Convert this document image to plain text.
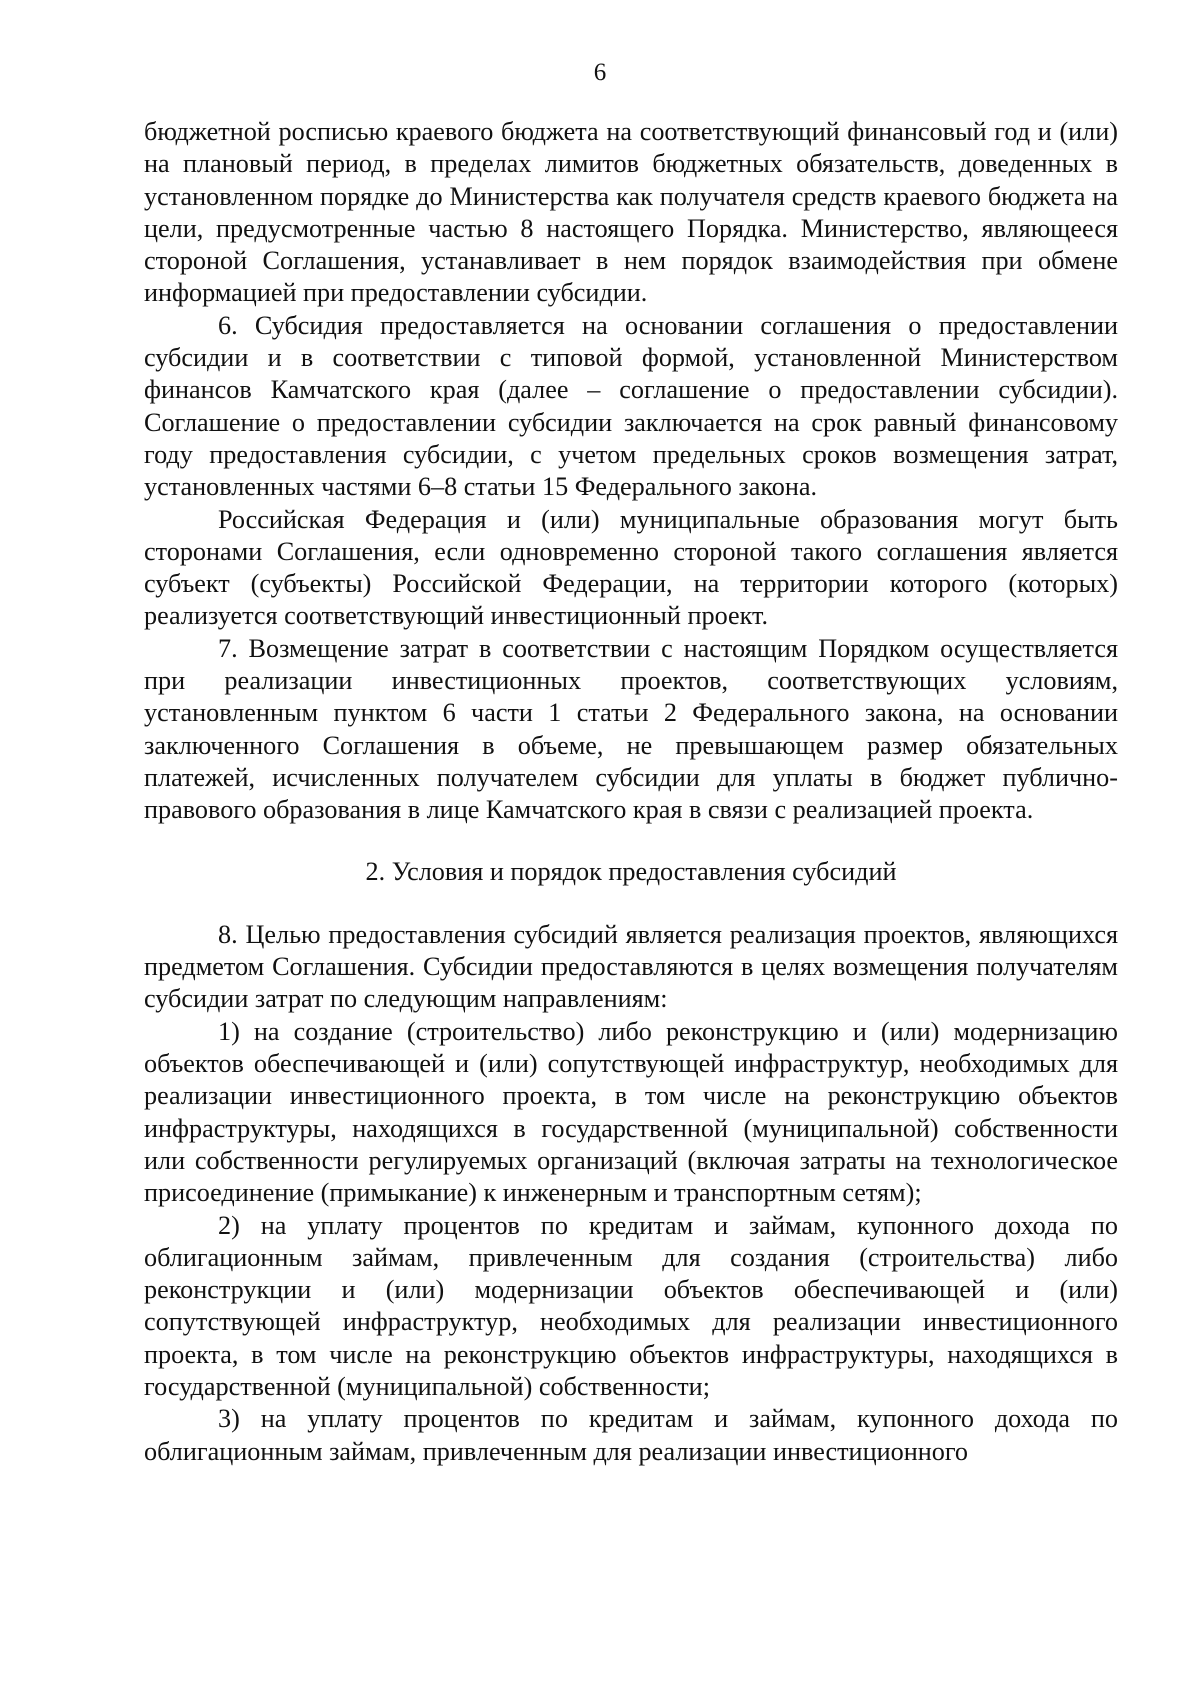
6

бюджетной росписью краевого бюджета на соответствующий финансовый год и (или) на плановый период, в пределах лимитов бюджетных обязательств, доведенных в установленном порядке до Министерства как получателя средств краевого бюджета на цели, предусмотренные частью 8 настоящего Порядка. Министерство, являющееся стороной Соглашения, устанавливает в нем порядок взаимодействия при обмене информацией при предоставлении субсидии.

6. Субсидия предоставляется на основании соглашения о предоставлении субсидии и в соответствии с типовой формой, установленной Министерством финансов Камчатского края (далее – соглашение о предоставлении субсидии). Соглашение о предоставлении субсидии заключается на срок равный финансовому году предоставления субсидии, с учетом предельных сроков возмещения затрат, установленных частями 6–8 статьи 15 Федерального закона.

Российская Федерация и (или) муниципальные образования могут быть сторонами Соглашения, если одновременно стороной такого соглашения является субъект (субъекты) Российской Федерации, на территории которого (которых) реализуется соответствующий инвестиционный проект.

7. Возмещение затрат в соответствии с настоящим Порядком осуществляется при реализации инвестиционных проектов, соответствующих условиям, установленным пунктом 6 части 1 статьи 2 Федерального закона, на основании заключенного Соглашения в объеме, не превышающем размер обязательных платежей, исчисленных получателем субсидии для уплаты в бюджет публично-правового образования в лице Камчатского края в связи с реализацией проекта.

2. Условия и порядок предоставления субсидий

8. Целью предоставления субсидий является реализация проектов, являющихся предметом Соглашения. Субсидии предоставляются в целях возмещения получателям субсидии затрат по следующим направлениям:

1) на создание (строительство) либо реконструкцию и (или) модернизацию объектов обеспечивающей и (или) сопутствующей инфраструктур, необходимых для реализации инвестиционного проекта, в том числе на реконструкцию объектов инфраструктуры, находящихся в государственной (муниципальной) собственности или собственности регулируемых организаций (включая затраты на технологическое присоединение (примыкание) к инженерным и транспортным сетям);

2) на уплату процентов по кредитам и займам, купонного дохода по облигационным займам, привлеченным для создания (строительства) либо реконструкции и (или) модернизации объектов обеспечивающей и (или) сопутствующей инфраструктур, необходимых для реализации инвестиционного проекта, в том числе на реконструкцию объектов инфраструктуры, находящихся в государственной (муниципальной) собственности;

3) на уплату процентов по кредитам и займам, купонного дохода по облигационным займам, привлеченным для реализации инвестиционного
